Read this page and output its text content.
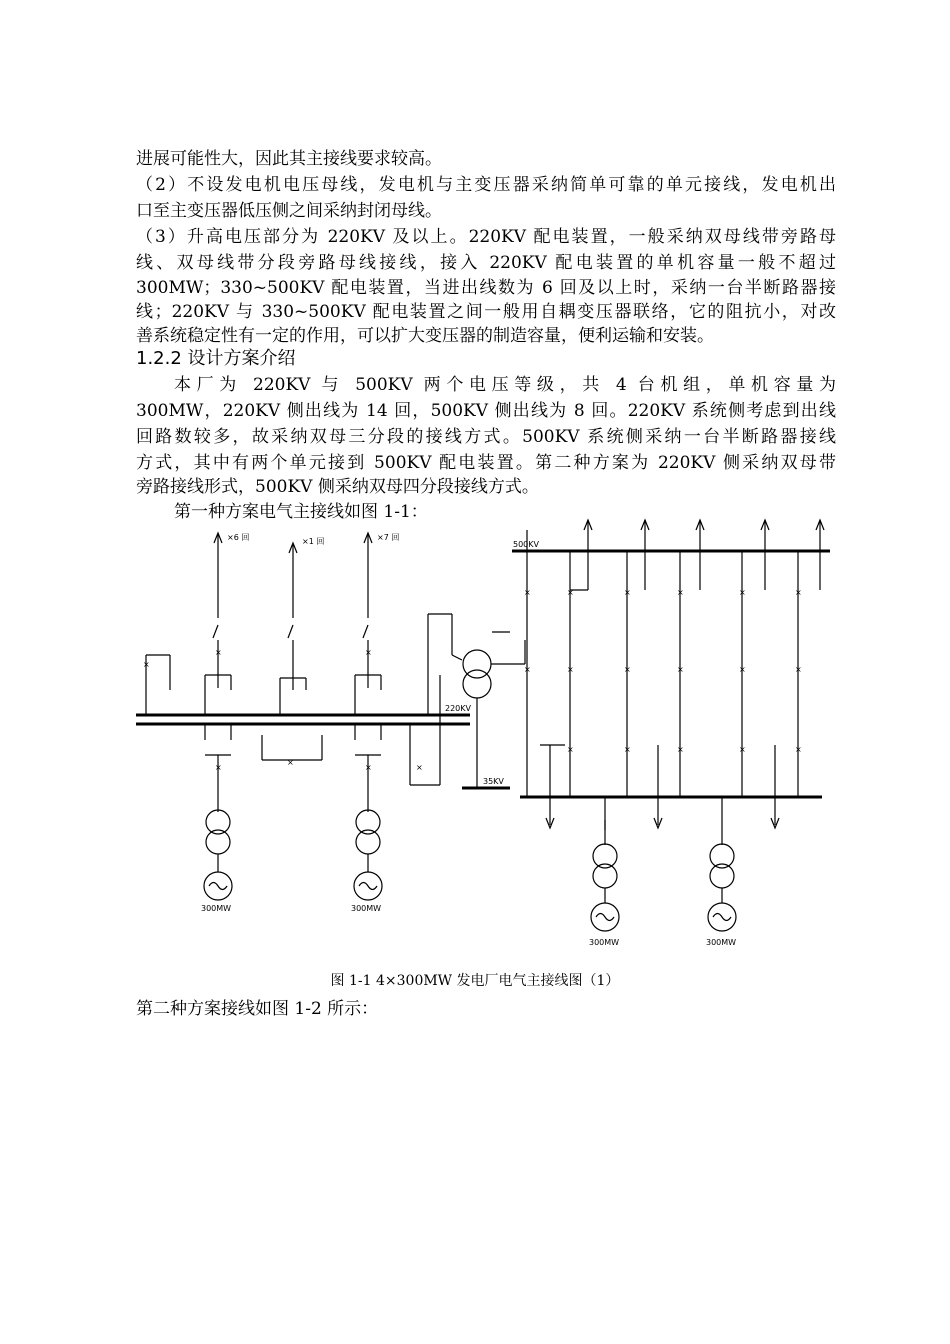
进展可能性大，因此其主接线要求较高。
（2）不设发电机电压母线，发电机与主变压器采纳简单可靠的单元接线，发电机出
口至主变压器低压侧之间采纳封闭母线。
（3）升高电压部分为 220KV 及以上。220KV 配电装置，一般采纳双母线带旁路母
线、双母线带分段旁路母线接线，接入 220KV 配电装置的单机容量一般不超过
300MW；330~500KV 配电装置，当进出线数为 6 回及以上时，采纳一台半断路器接
线；220KV 与 330~500KV 配电装置之间一般用自耦变压器联络，它的阻抗小，对改
善系统稳定性有一定的作用，可以扩大变压器的制造容量，便利运输和安装。
1.2.2 设计方案介绍
本厂为 220KV 与 500KV 两个电压等级，共 4 台机组，单机容量为
300MW，220KV 侧出线为 14 回，500KV 侧出线为 8 回。220KV 系统侧考虑到出线
回路数较多，故采纳双母三分段的接线方式。500KV 系统侧采纳一台半断路器接线
方式，其中有两个单元接到 500KV 配电装置。第二种方案为 220KV 侧采纳双母带
旁路接线形式，500KV 侧采纳双母四分段接线方式。
第一种方案电气主接线如图 1-1：
×
×
×
×
×
×
×
×
×
×
×
×
×
×
×
×
×
×
×	×
×	×
×
×
×6 回	×1 回	×7 回
500KV
220KV
35KV
300MW	300MW
300MW	300MW
图 1-1 4×300MW 发电厂电气主接线图（1）
第二种方案接线如图 1-2 所示：
